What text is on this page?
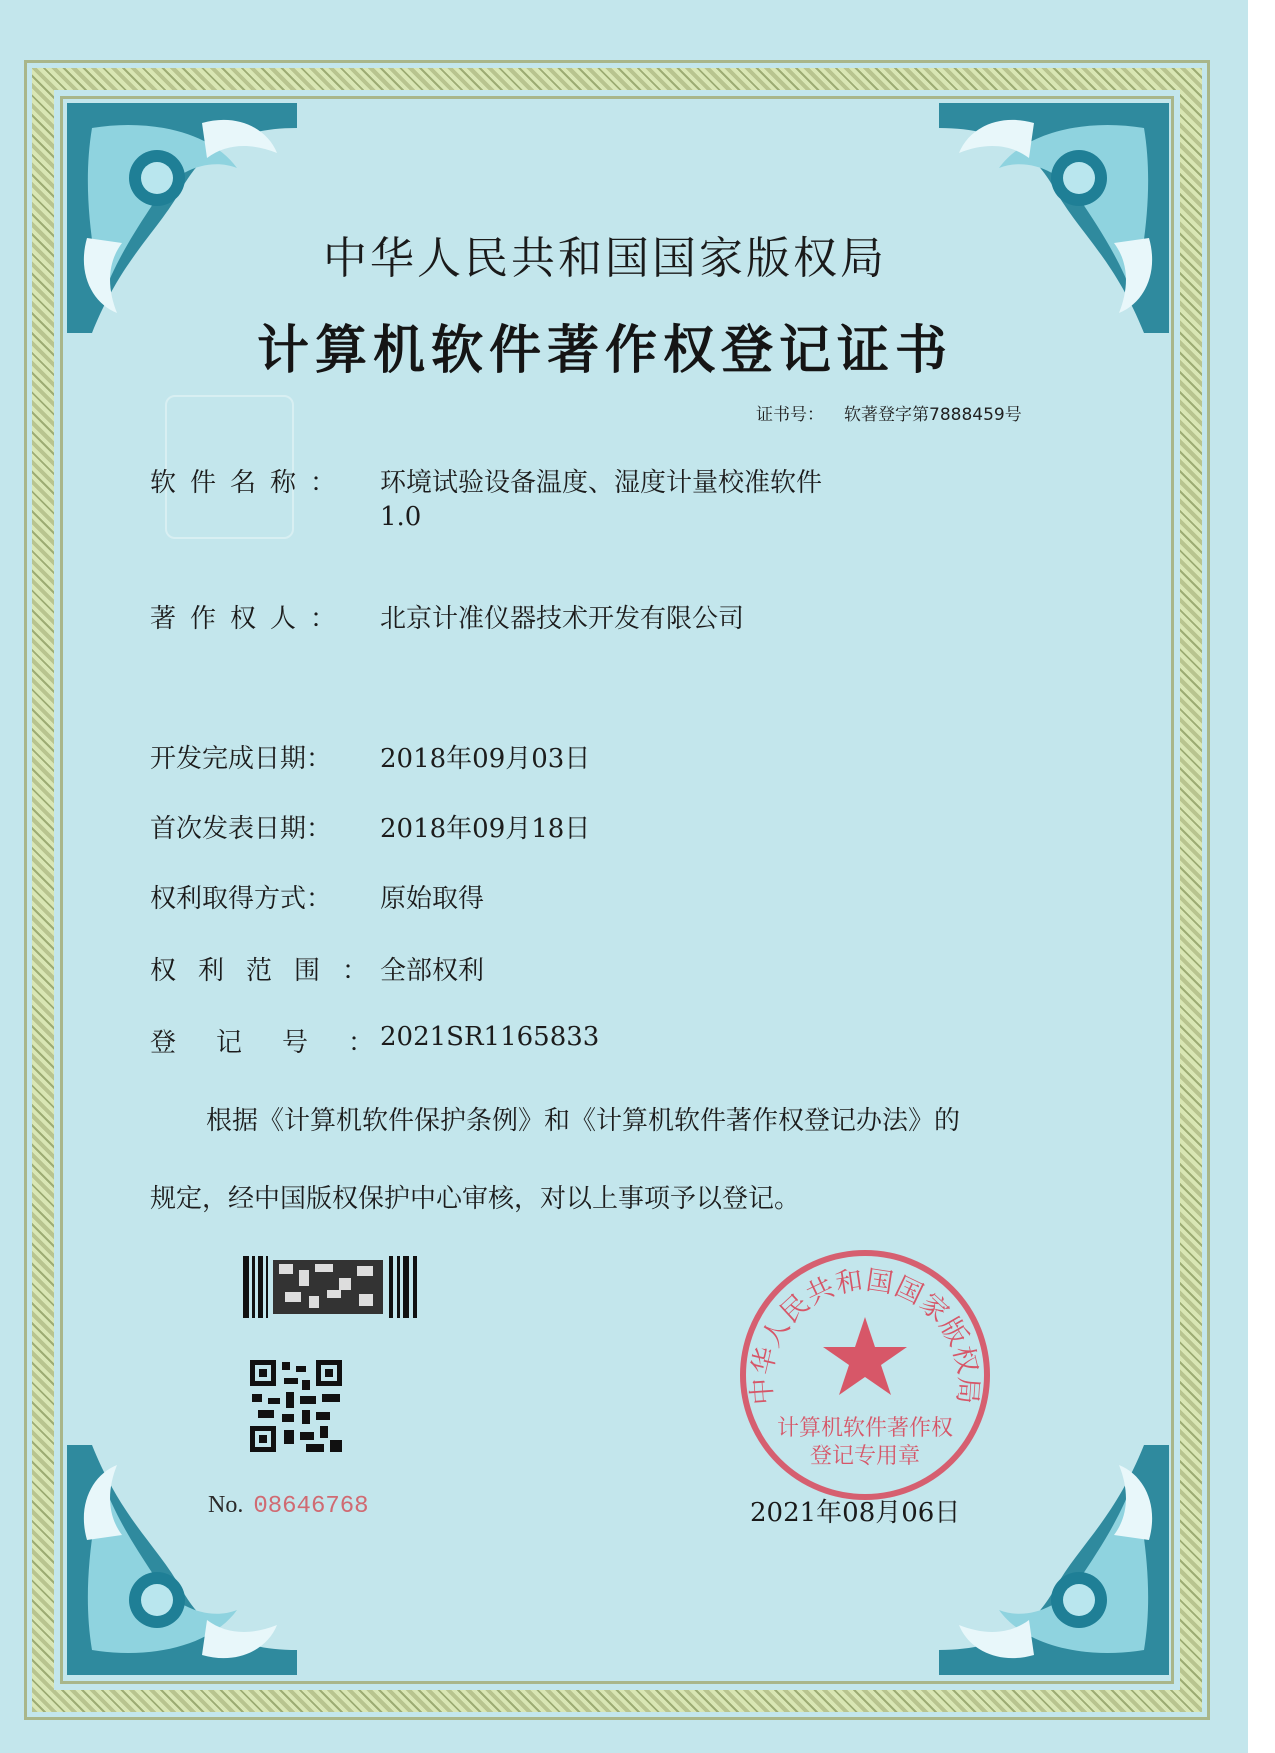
中华人民共和国国家版权局
计算机软件著作权登记证书
证书号： 软著登字第7888459号
软件名称： 环境试验设备温度、湿度计量校准软件
1.0
著作权人： 北京计准仪器技术开发有限公司
开发完成日期：	2018年09月03日
首次发表日期：	2018年09月18日
权利取得方式：	原始取得
权利范围：
全部权利
登记号：
2021SR1165833

根据《计算机软件保护条例》和《计算机软件著作权登记办法》的

规定，经中国版权保护中心审核，对以上事项予以登记。

No. 08646768
中华人民共和国国家版权局
计算机软件著作权
登记专用章
2021年08月06日
